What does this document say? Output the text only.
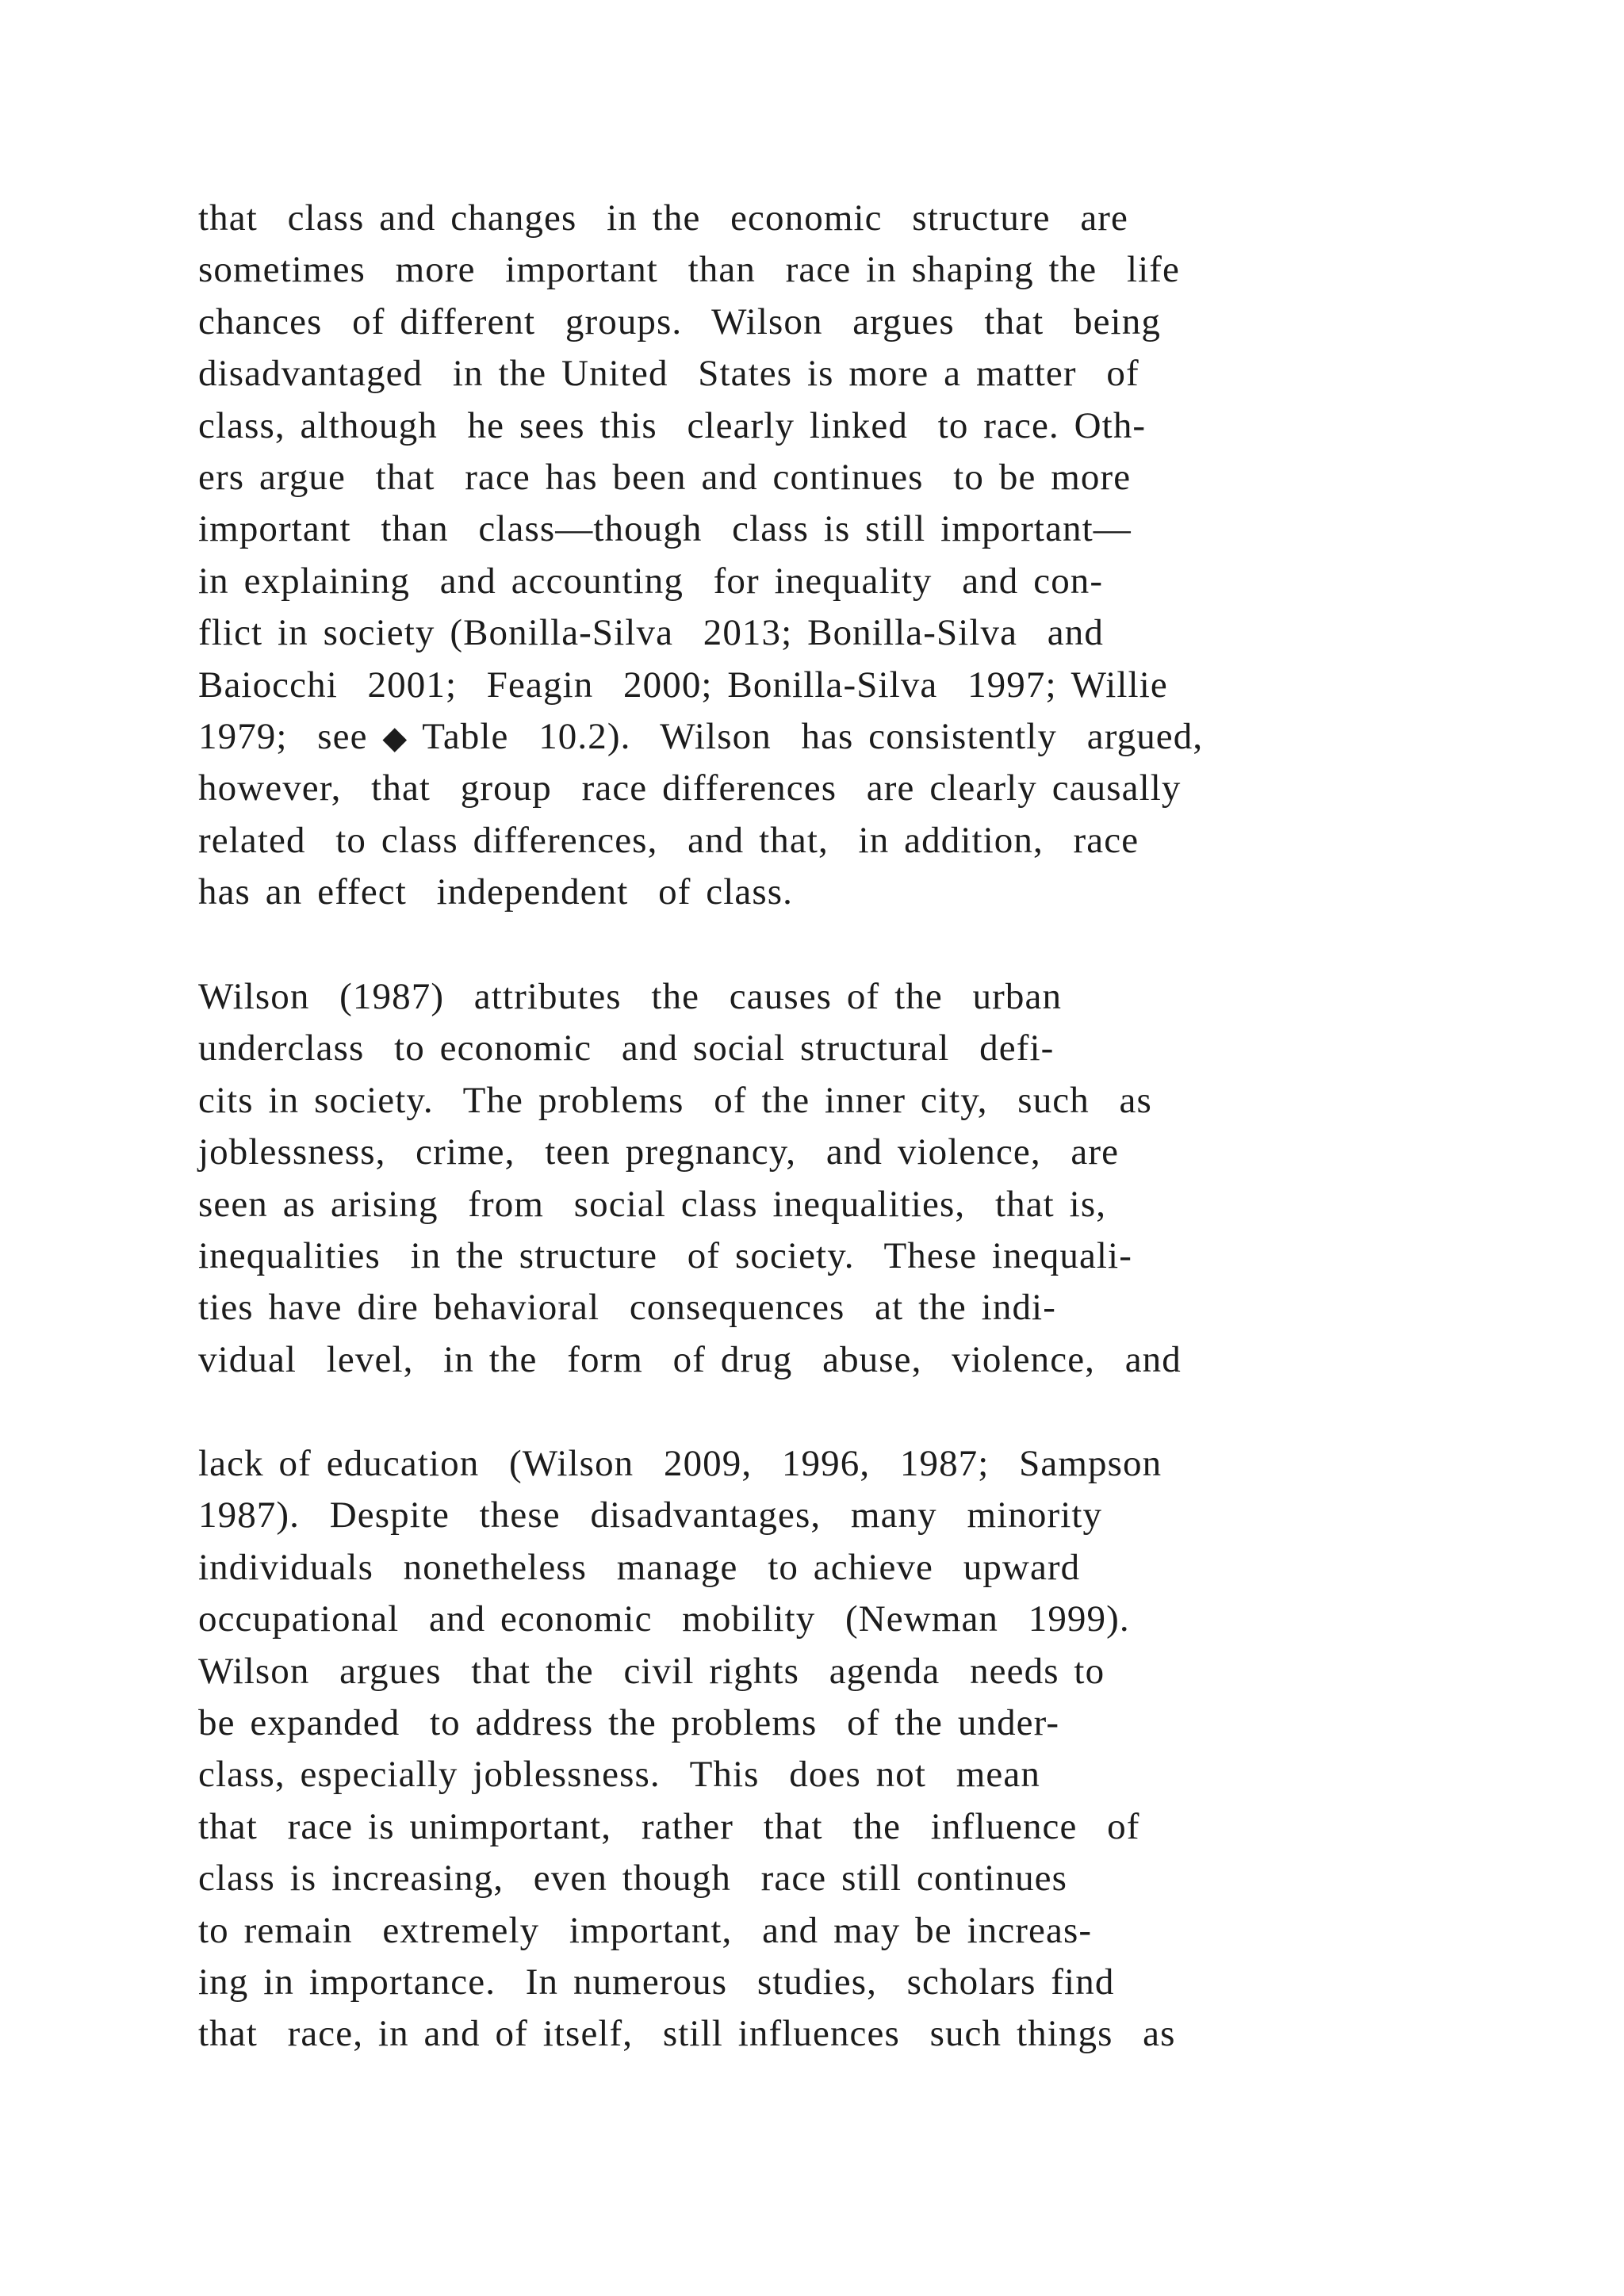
that  class and changes  in the  economic  structure  are
sometimes  more  important  than  race in shaping the  life
chances  of different  groups.  Wilson  argues  that  being
disadvantaged  in the United  States is more a matter  of
class, although  he sees this  clearly linked  to race. Oth-
ers argue  that  race has been and continues  to be more
important  than  class—though  class is still important—
in explaining  and accounting  for inequality  and con-
flict in society (Bonilla-Silva  2013; Bonilla-Silva  and
Baiocchi  2001;  Feagin  2000; Bonilla-Silva  1997; Willie
1979;  see ◆ Table  10.2).  Wilson  has consistently  argued,
however,  that  group  race differences  are clearly causally
related  to class differences,  and that,  in addition,  race
has an effect  independent  of class.

Wilson  (1987)  attributes  the  causes of the  urban
underclass  to economic  and social structural  defi-
cits in society.  The problems  of the inner city,  such  as
joblessness,  crime,  teen pregnancy,  and violence,  are
seen as arising  from  social class inequalities,  that is,
inequalities  in the structure  of society.  These inequali-
ties have dire behavioral  consequences  at the indi-
vidual  level,  in the  form  of drug  abuse,  violence,  and

lack of education  (Wilson  2009,  1996,  1987;  Sampson
1987).  Despite  these  disadvantages,  many  minority
individuals  nonetheless  manage  to achieve  upward
occupational  and economic  mobility  (Newman  1999).
Wilson  argues  that the  civil rights  agenda  needs to
be expanded  to address the problems  of the under-
class, especially joblessness.  This  does not  mean
that  race is unimportant,  rather  that  the  influence  of
class is increasing,  even though  race still continues
to remain  extremely  important,  and may be increas-
ing in importance.  In numerous  studies,  scholars find
that  race, in and of itself,  still influences  such things  as
